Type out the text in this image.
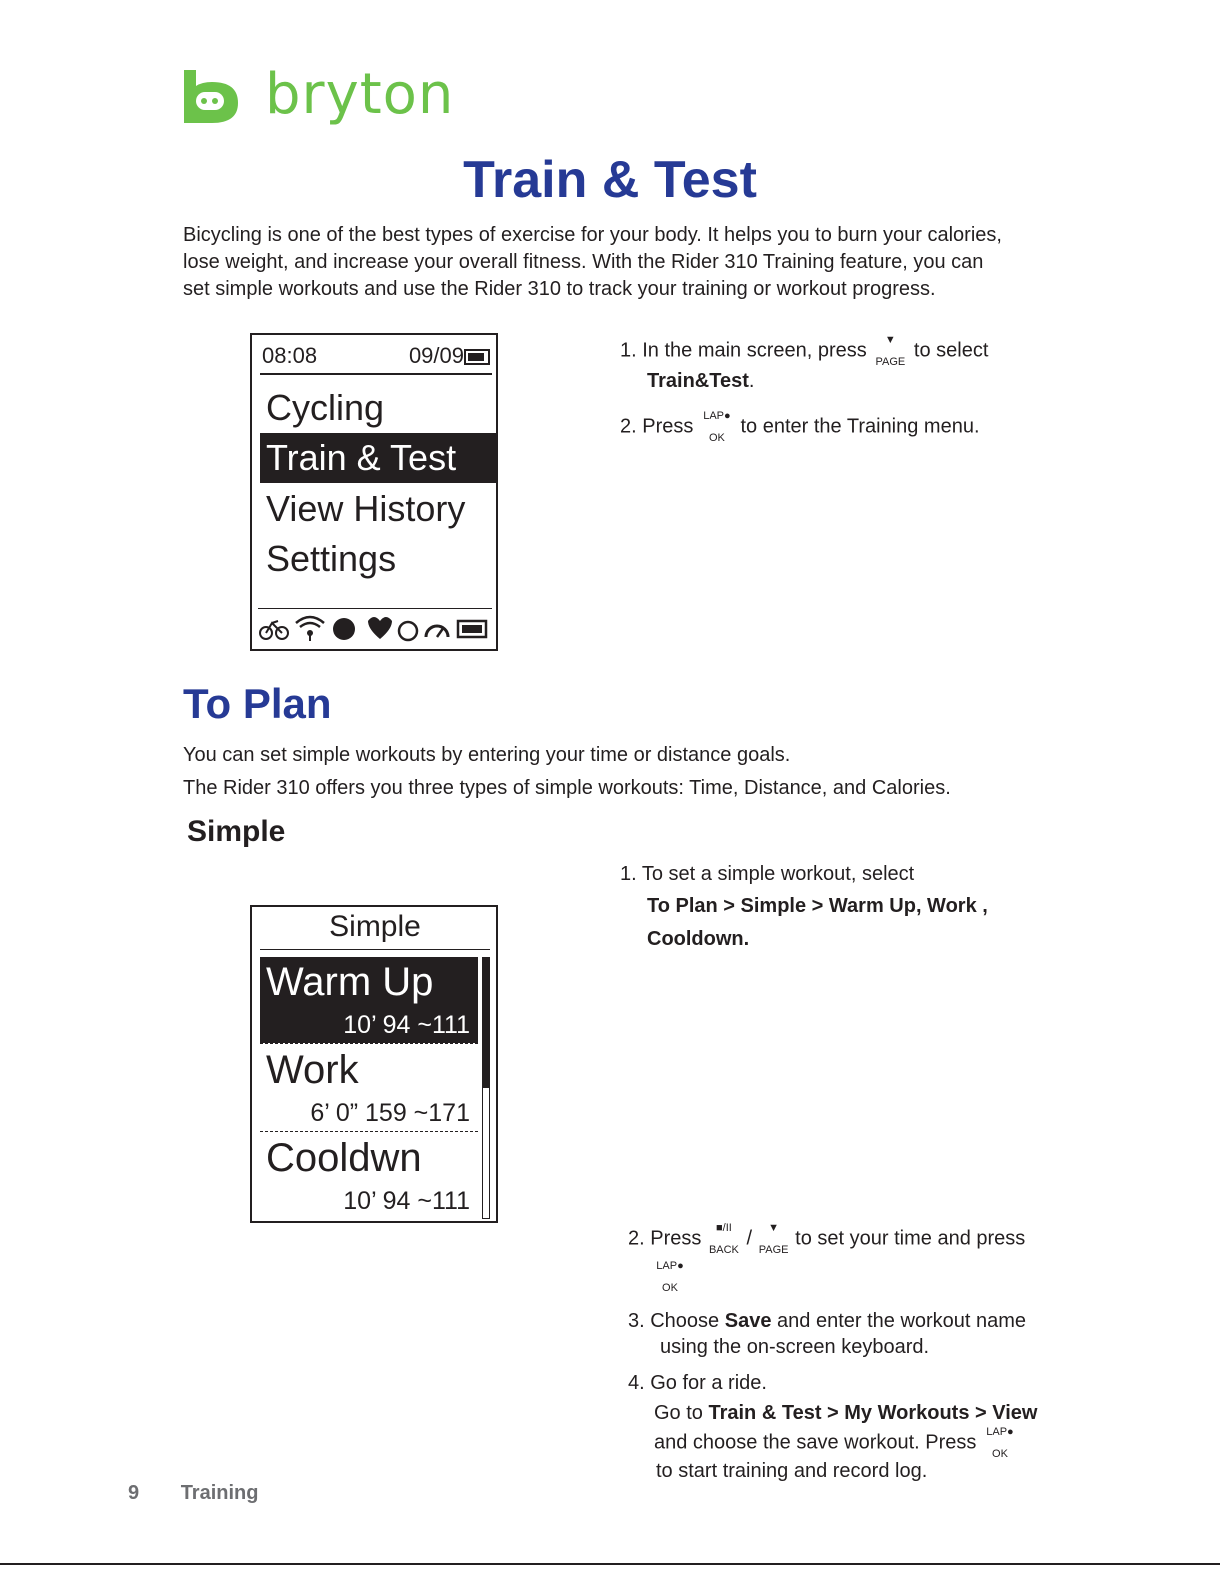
bryton
Train & Test
Bicycling is one of the best types of exercise for your body. It helps you to burn your calories,
lose weight, and increase your overall fitness. With the Rider 310 Training feature, you can
set simple workouts and use the Rider 310 to track your training or workout progress.
08:08	09/09
Cycling
Train & Test
View History
Settings
1. In the main screen, press	▼
PAGE
to select
Train&Test.
2. Press LAP●
OK
to enter the Training menu.
To Plan
You can set simple workouts by entering your time or distance goals.
The Rider 310 offers you three types of simple workouts: Time, Distance, and Calories.
Simple
Simple
Warm Up
10’ 94 ~111
Work
6’ 0” 159 ~171
Cooldwn
10’ 94 ~111
1. To set a simple workout, select
To Plan > Simple > Warm Up, Work ,
Cooldown.
2. Press	■/II
BACK
/	▼
PAGE
to set your time and press
LAP●
OK
3. Choose Save and enter the workout name
using the on-screen keyboard.
4. Go for a ride.
Go to Train & Test > My Workouts > View
and choose the save workout. Press LAP●
OK
to start training and record log.
9 Training
